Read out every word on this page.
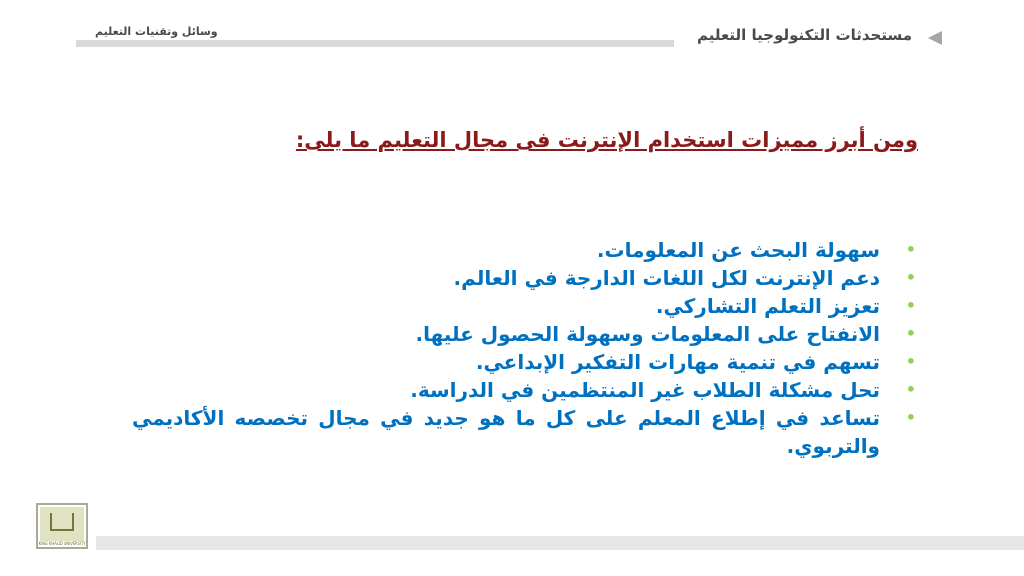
مستحدثات التكنولوجيا التعليم
وسائل وتقنيات التعليم
ومن أبرز مميزات استخدام الإنترنت فى مجال التعليم ما يلى:
•
سهولة البحث عن المعلومات.
•
دعم الإنترنت لكل اللغات الدارجة في العالم.
•
تعزيز التعلم التشاركي.
•
الانفتاح على المعلومات وسهولة الحصول عليها.
•
تسهم في تنمية مهارات التفكير الإبداعي.
•
تحل مشكلة الطلاب غير المنتظمين في الدراسة.
•
تساعد في إطلاع المعلم على كل ما هو جديد في مجال تخصصه الأكاديمي والتربوي.
KING KHALID UNIVERSITY
